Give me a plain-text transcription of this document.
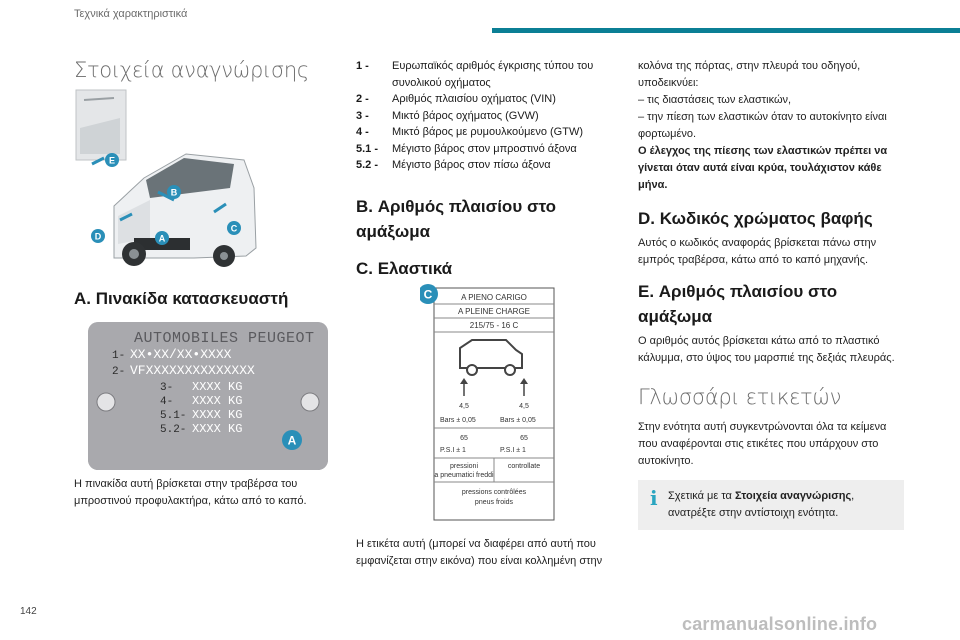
Τεχνικά χαρακτηριστικά
Στοιχεία αναγνώρισης
E
B
D	A
C
A. Πινακίδα κατασκευαστή
AUTOMOBILES PEUGEOT
1- XX•XX/XX•XXXX
2- VFXXXXXXXXXXXXXX
3- XXXX KG
4- XXXX KG
5.1- XXXX KG
5.2- XXXX KG
A
Η πινακίδα αυτή βρίσκεται στην τραβέρσα του μπροστινού προφυλακτήρα, κάτω από το καπό.
1 -	Ευρωπαϊκός αριθμός έγκρισης τύπου του συνολικού οχήματος
2 -	Αριθμός πλαισίου οχήματος (VIN)
3 -	Μικτό βάρος οχήματος (GVW)
4 -	Μικτό βάρος με ρυμουλκούμενο (GTW)
5.1 -	Μέγιστο βάρος στον μπροστινό άξονα
5.2 -	Μέγιστο βάρος στον πίσω άξονα
B. Αριθμός πλαισίου στο αμάξωμα
C. Ελαστικά
C	A PIENO CARIGO
A PLEINE CHARGE
215/75 - 16 C
4,5	4,5
Bars ± 0,05	Bars ± 0,05
65	65
P.S.I ± 1	P.S.I ± 1
pressioni
a pneumatici freddi
controllate
pressions contrôlées
pneus froids
Η ετικέτα αυτή (μπορεί να διαφέρει από αυτή που εμφανίζεται στην εικόνα) που είναι κολλημένη στην
κολόνα της πόρτας, στην πλευρά του οδηγού, υποδεικνύει:
– τις διαστάσεις των ελαστικών,
– την πίεση των ελαστικών όταν το αυτοκίνητο είναι φορτωμένο.
Ο έλεγχος της πίεσης των ελαστικών πρέπει να γίνεται όταν αυτά είναι κρύα, τουλάχιστον κάθε μήνα.
D. Κωδικός χρώματος βαφής
Αυτός ο κωδικός αναφοράς βρίσκεται πάνω στην εμπρός τραβέρσα, κάτω από το καπό μηχανής.
E. Αριθμός πλαισίου στο αμάξωμα
Ο αριθμός αυτός βρίσκεται κάτω από το πλαστικό κάλυμμα, στο ύψος του μαρσπιέ της δεξιάς πλευράς.
Γλωσσάρι ετικετών
Στην ενότητα αυτή συγκεντρώνονται όλα τα κείμενα που αναφέρονται στις ετικέτες που υπάρχουν στο αυτοκίνητο.
i Σχετικά με τα Στοιχεία αναγνώρισης, ανατρέξτε στην αντίστοιχη ενότητα.
142
carmanualsonline.info
